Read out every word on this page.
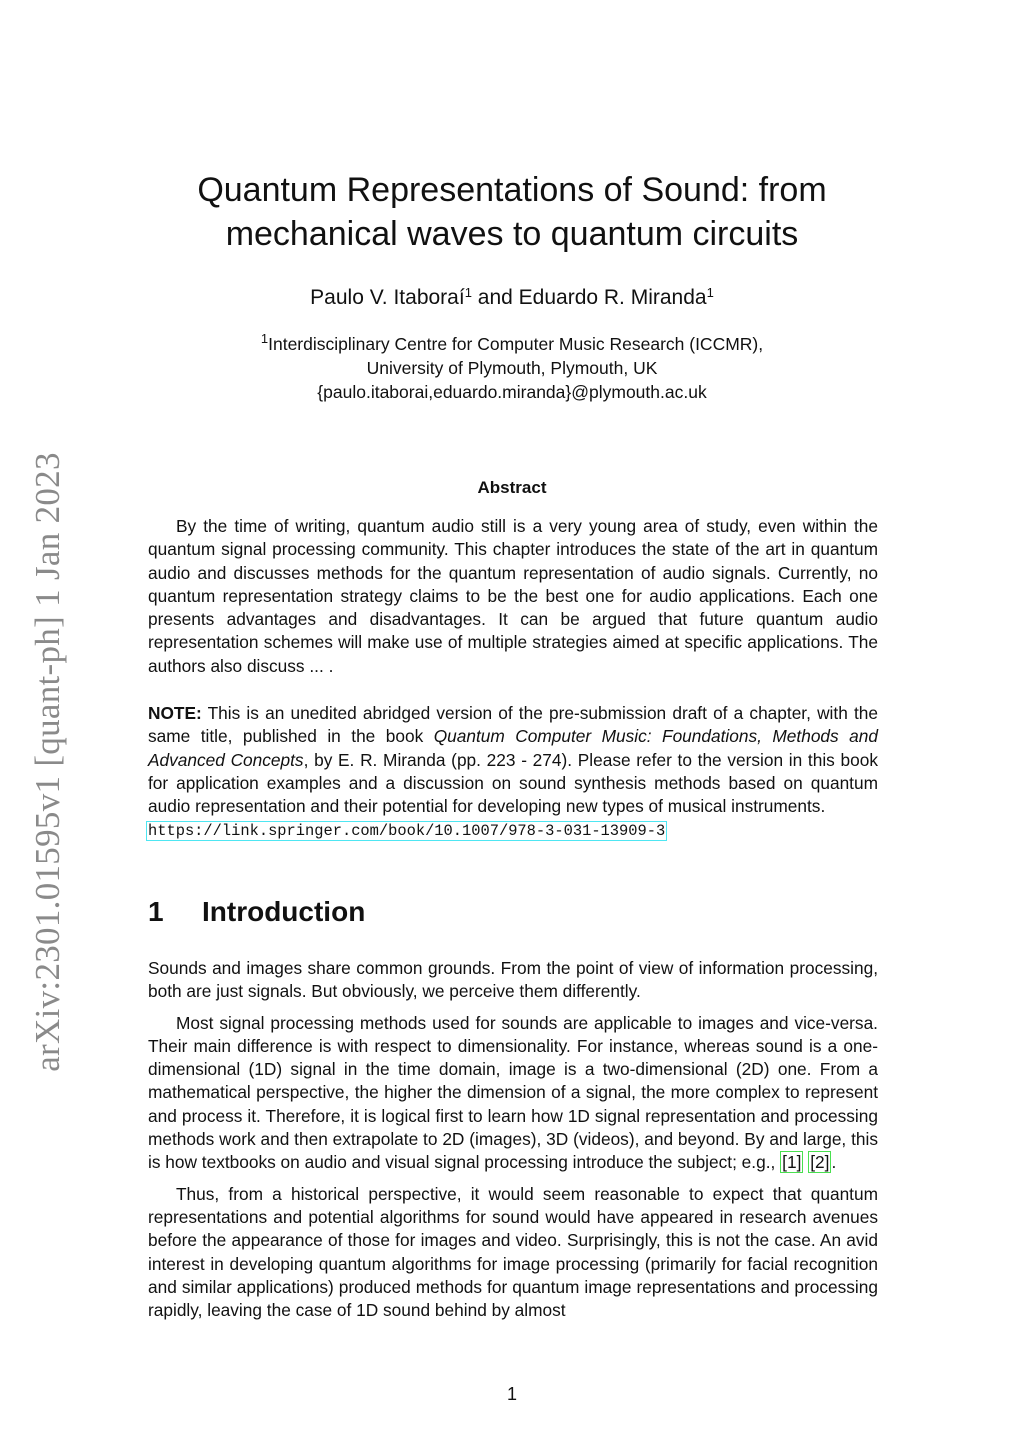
arXiv:2301.01595v1 [quant-ph] 1 Jan 2023
Quantum Representations of Sound: from
mechanical waves to quantum circuits
Paulo V. Itaboraí$^1$ and Eduardo R. Miranda$^1$
$^1$Interdisciplinary Centre for Computer Music Research (ICCMR),
University of Plymouth, Plymouth, UK
{paulo.itaborai,eduardo.miranda}@plymouth.ac.uk
Abstract

By the time of writing, quantum audio still is a very young area of study, even within the quantum signal processing community. This chapter introduces the state of the art in quantum audio and discusses methods for the quantum representation of audio signals. Currently, no quantum representation strategy claims to be the best one for audio applications. Each one presents advantages and disadvantages. It can be argued that future quantum audio representation schemes will make use of multiple strategies aimed at specific applications. The authors also discuss ... .

NOTE: This is an unedited abridged version of the pre-submission draft of a chapter, with the same title, published in the book Quantum Computer Music: Foundations, Methods and Advanced Concepts, by E. R. Miranda (pp. 223 - 274). Please refer to the version in this book for application examples and a discussion on sound synthesis methods based on quantum audio representation and their potential for developing new types of musical instruments.
https://link.springer.com/book/10.1007/978-3-031-13909-3

1 Introduction

Sounds and images share common grounds. From the point of view of information processing, both are just signals. But obviously, we perceive them differently.

Most signal processing methods used for sounds are applicable to images and vice-versa. Their main difference is with respect to dimensionality. For instance, whereas sound is a one-dimensional (1D) signal in the time domain, image is a two-dimensional (2D) one. From a mathematical perspective, the higher the dimension of a signal, the more complex to represent and process it. Therefore, it is logical first to learn how 1D signal representation and processing methods work and then extrapolate to 2D (images), 3D (videos), and beyond. By and large, this is how textbooks on audio and visual signal processing introduce the subject; e.g., [1] [2] .

Thus, from a historical perspective, it would seem reasonable to expect that quantum representations and potential algorithms for sound would have appeared in research avenues before the appearance of those for images and video. Surprisingly, this is not the case. An avid interest in developing quantum algorithms for image processing (primarily for facial recognition and similar applications) produced methods for quantum image representations and processing rapidly, leaving the case of 1D sound behind by almost

1
